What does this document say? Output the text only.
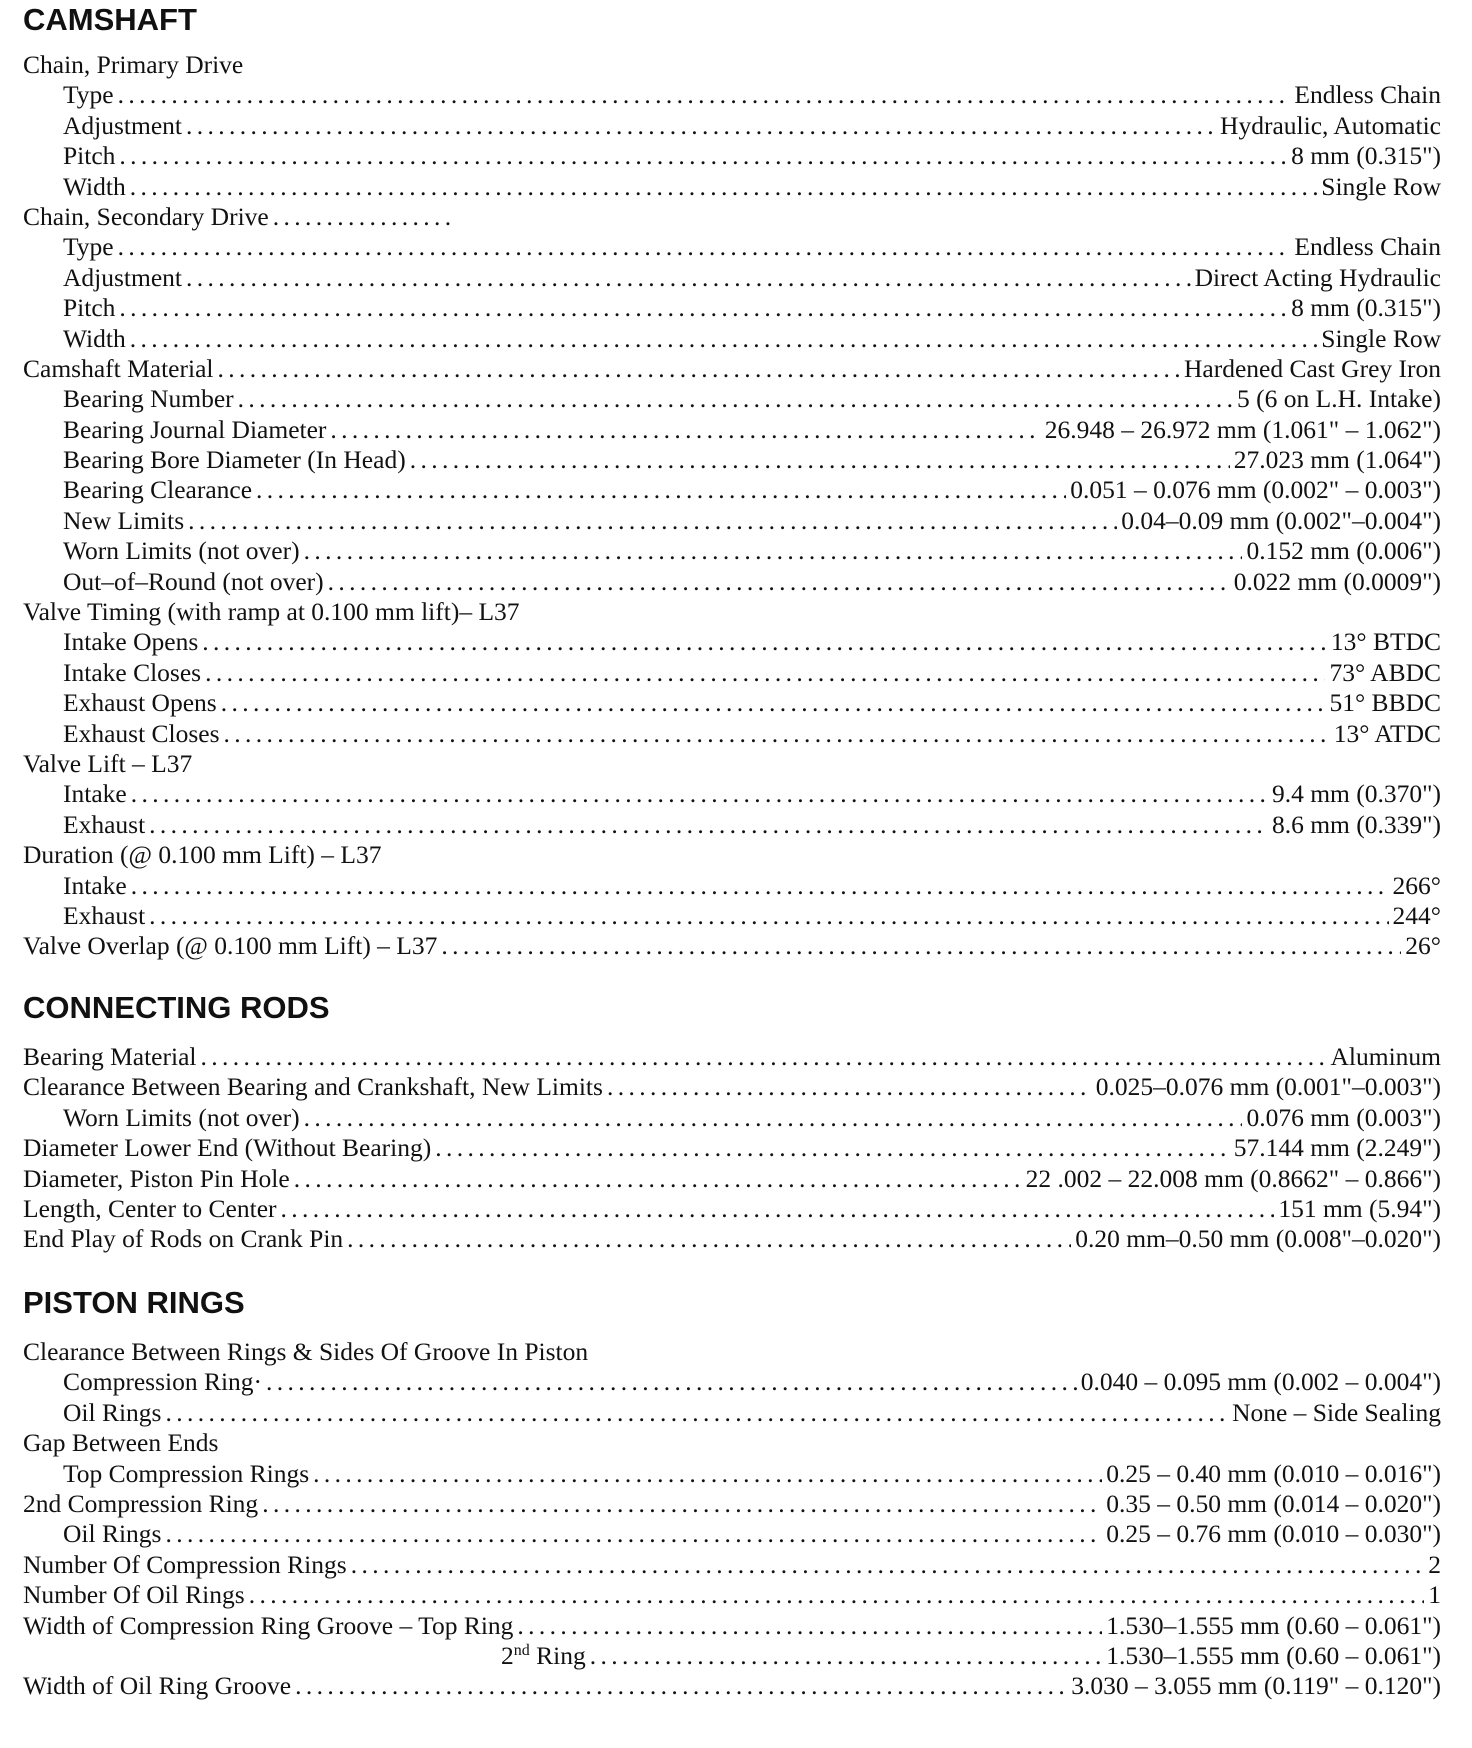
CAMSHAFT
Chain, Primary Drive
Type . . .	Endless Chain
Adjustment . . .	Hydraulic, Automatic
Pitch . . .	8 mm (0.315")
Width . . .	Single Row
Chain, Secondary Drive
. . .
Type . . .	Endless Chain
Adjustment . . .	Direct Acting Hydraulic
Pitch . . .	8 mm (0.315")
Width . . .	Single Row
Camshaft Material . . .	Hardened Cast Grey Iron
Bearing Number . . .	5 (6 on L.H. Intake)
Bearing Journal Diameter . . .	26.948 – 26.972 mm (1.061" – 1.062")
Bearing Bore Diameter (In Head) . . .	27.023 mm (1.064")
Bearing Clearance . . .	0.051 – 0.076 mm (0.002" – 0.003")
New Limits . . .	0.04–0.09 mm (0.002"–0.004")
Worn Limits (not over) . . .	0.152 mm (0.006")
Out–of–Round (not over) . . .	0.022 mm (0.0009")
Valve Timing (with ramp at 0.100 mm lift)– L37
Intake Opens . . .	13° BTDC
Intake Closes . . .	73° ABDC
Exhaust Opens . . .	51° BBDC
Exhaust Closes . . .	13° ATDC
Valve Lift – L37
Intake . . .	9.4 mm (0.370")
Exhaust . . .	8.6 mm (0.339")
Duration (@ 0.100 mm Lift) – L37
Intake . . .	266°
Exhaust . . .	244°
Valve Overlap (@ 0.100 mm Lift) – L37 . . .	26°
CONNECTING RODS
Bearing Material . . .	Aluminum
Clearance Between Bearing and Crankshaft, New Limits . . .	0.025–0.076 mm (0.001"–0.003")
Worn Limits (not over) . . .	0.076 mm (0.003")
Diameter Lower End (Without Bearing) . . .	57.144 mm (2.249")
Diameter, Piston Pin Hole . . .	22 .002 – 22.008 mm (0.8662" – 0.866")
Length, Center to Center . . .	151 mm (5.94")
End Play of Rods on Crank Pin . . .	0.20 mm–0.50 mm (0.008"–0.020")
PISTON RINGS
Clearance Between Rings & Sides Of Groove In Piston
Compression Ring· . . .	0.040 – 0.095 mm (0.002 – 0.004")
Oil Rings . . .	None – Side Sealing
Gap Between Ends
Top Compression Rings . . .	0.25 – 0.40 mm (0.010 – 0.016")
2nd Compression Ring . . .	0.35 – 0.50 mm (0.014 – 0.020")
Oil Rings . . .	0.25 – 0.76 mm (0.010 – 0.030")
Number Of Compression Rings . . .	2
Number Of Oil Rings . . .	1
Width of Compression Ring Groove – Top Ring . . .	1.530–1.555 mm (0.60 – 0.061")
2nd Ring . . .	1.530–1.555 mm (0.60 – 0.061")
Width of Oil Ring Groove . . .	3.030 – 3.055 mm (0.119" – 0.120")
